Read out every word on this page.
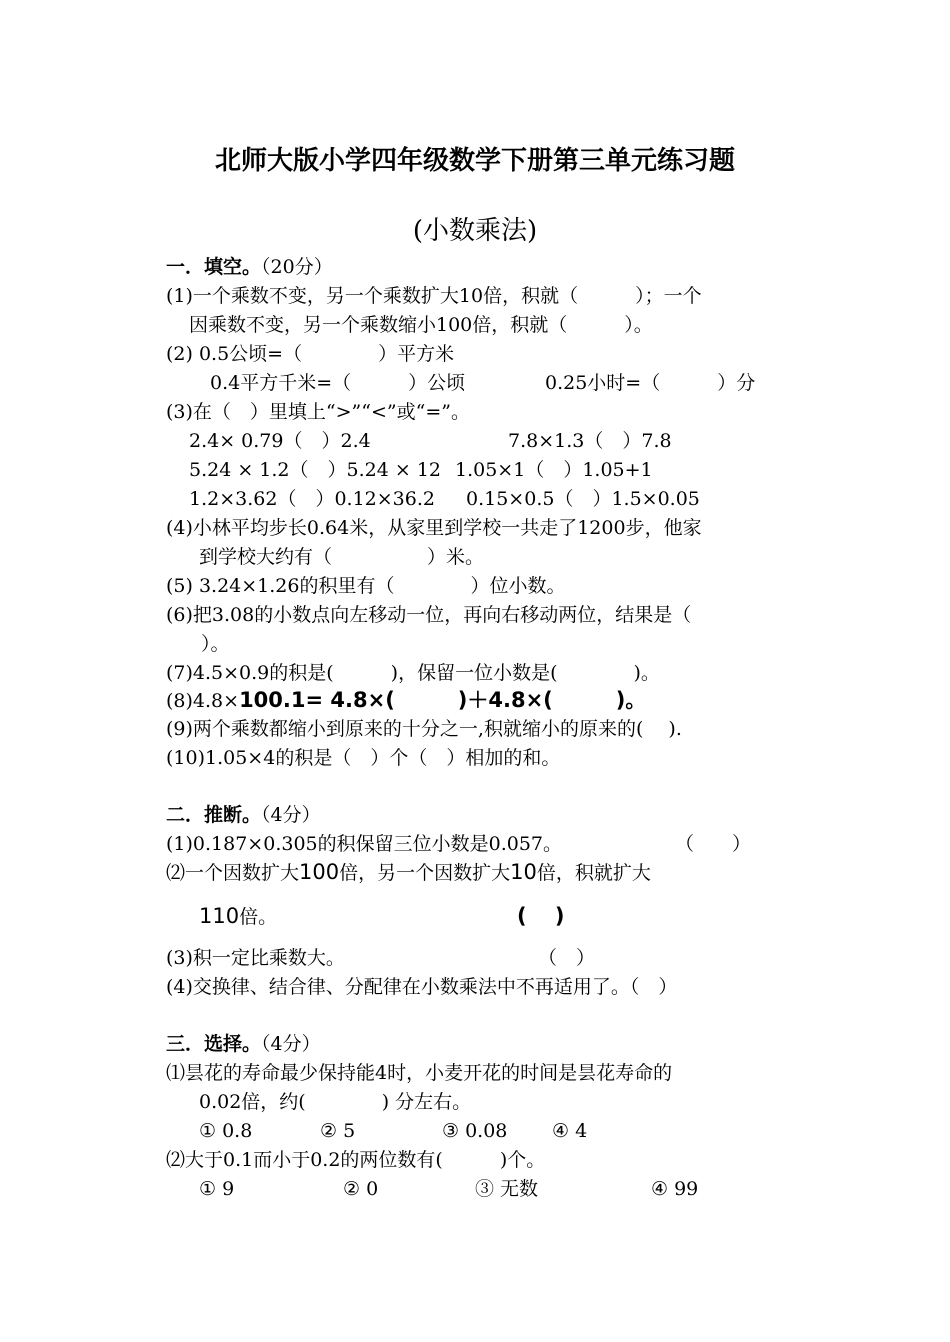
北师大版小学四年级数学下册第三单元练习题
(小数乘法)
一．填空。（20分）
(1)一个乘数不变，另一个乘数扩大10倍，积就（　　　）；一个
因乘数不变，另一个乘数缩小100倍，积就（　　　）。
(2) 0.5公顷=（　　　　）平方米
0.4平方千米=（　　　）公顷	0.25小时=（　　　）分
(3)在（　）里填上“>”“<”或“=”。
2.4× 0.79（　）2.4	7.8×1.3（　）7.8
5.24 × 1.2（　）5.24 × 12 1.05×1（　）1.05+1
1.2×3.62（　）0.12×36.2 0.15×0.5（　）1.5×0.05
(4)小林平均步长0.64米，从家里到学校一共走了1200步，他家
到学校大约有（　　　　　）米。
(5) 3.24×1.26的积里有（　　　　）位小数。
(6)把3.08的小数点向左移动一位，再向右移动两位，结果是（
）。
(7)4.5×0.9的积是(　　　)，保留一位小数是(　　　　)。
(8)4.8×100.1= 4.8×(　　　)＋4.8×(　　　)。
(9)两个乘数都缩小到原来的十分之一,积就缩小的原来的(　 ).
(10)1.05×4的积是（　）个（　）相加的和。
二．推断。（4分）
(1)0.187×0.305的积保留三位小数是0.057。	（　　）
⑵一个因数扩大100倍，另一个因数扩大10倍，积就扩大
110倍。	(　 )
(3)积一定比乘数大。	（　）
(4)交换律、结合律、分配律在小数乘法中不再适用了。（　）
三．选择。（4分）
⑴昙花的寿命最少保持能4时，小麦开花的时间是昙花寿命的
0.02倍，约(　　　　) 分左右。
① 0.8	② 5	③ 0.08 ④ 4
⑵大于0.1而小于0.2的两位数有(　　　)个。
① 9	② 0	③ 无数	④ 99
